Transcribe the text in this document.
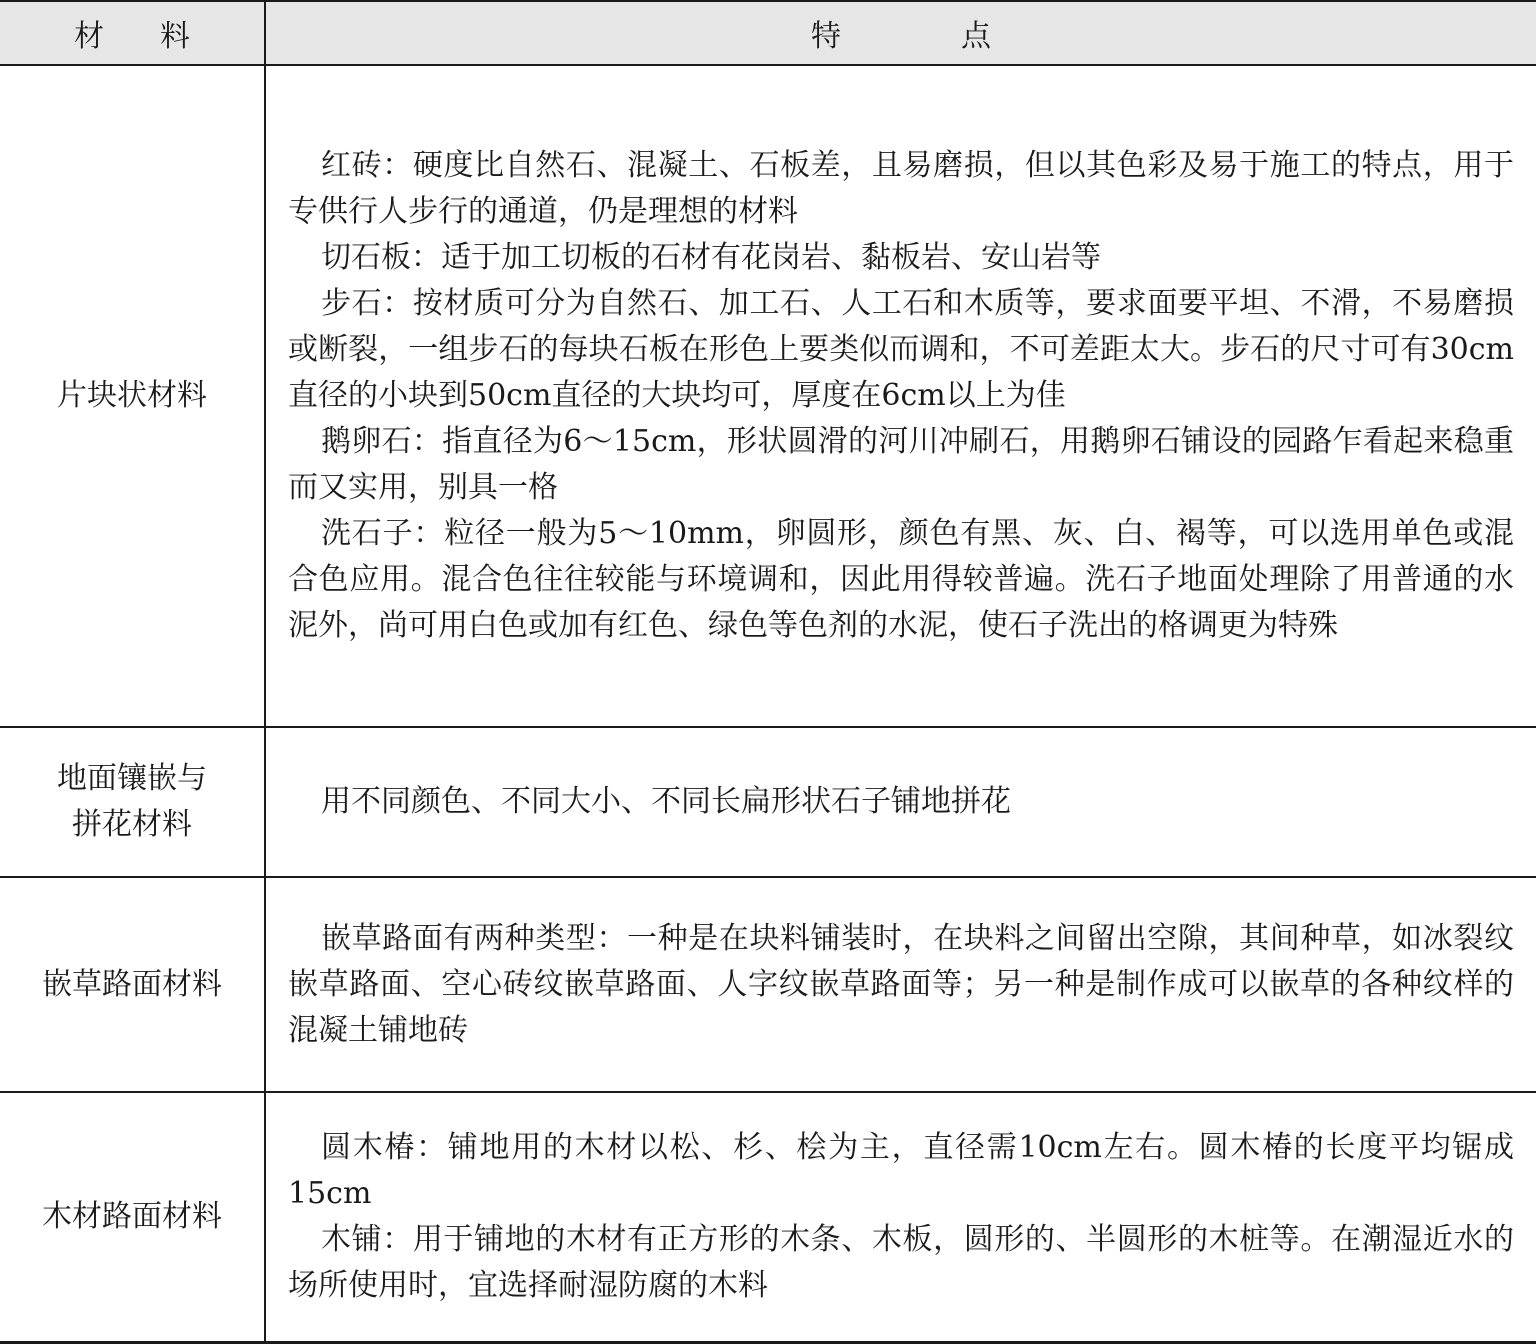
材 料	特 点
片块状材料	红砖：硬度比自然石、混凝土、石板差，且易磨损，但以其色彩及易于施工的特点，用于专供行人步行的通道，仍是理想的材料

切石板：适于加工切板的石材有花岗岩、黏板岩、安山岩等

步石：按材质可分为自然石、加工石、人工石和木质等，要求面要平坦、不滑，不易磨损或断裂，一组步石的每块石板在形色上要类似而调和，不可差距太大。步石的尺寸可有30cm直径的小块到50cm直径的大块均可，厚度在6cm以上为佳

鹅卵石：指直径为6～15cm，形状圆滑的河川冲刷石，用鹅卵石铺设的园路乍看起来稳重而又实用，别具一格

洗石子：粒径一般为5～10mm，卵圆形，颜色有黑、灰、白、褐等，可以选用单色或混合色应用。混合色往往较能与环境调和，因此用得较普遍。洗石子地面处理除了用普通的水泥外，尚可用白色或加有红色、绿色等色剂的水泥，使石子洗出的格调更为特殊

地面镶嵌与
拼花材料	用不同颜色、不同大小、不同长扁形状石子铺地拼花

嵌草路面材料	嵌草路面有两种类型：一种是在块料铺装时，在块料之间留出空隙，其间种草，如冰裂纹嵌草路面、空心砖纹嵌草路面、人字纹嵌草路面等；另一种是制作成可以嵌草的各种纹样的混凝土铺地砖

木材路面材料	圆木椿：铺地用的木材以松、杉、桧为主，直径需10cm左右。圆木椿的长度平均锯成15cm

木铺：用于铺地的木材有正方形的木条、木板，圆形的、半圆形的木桩等。在潮湿近水的场所使用时，宜选择耐湿防腐的木料
